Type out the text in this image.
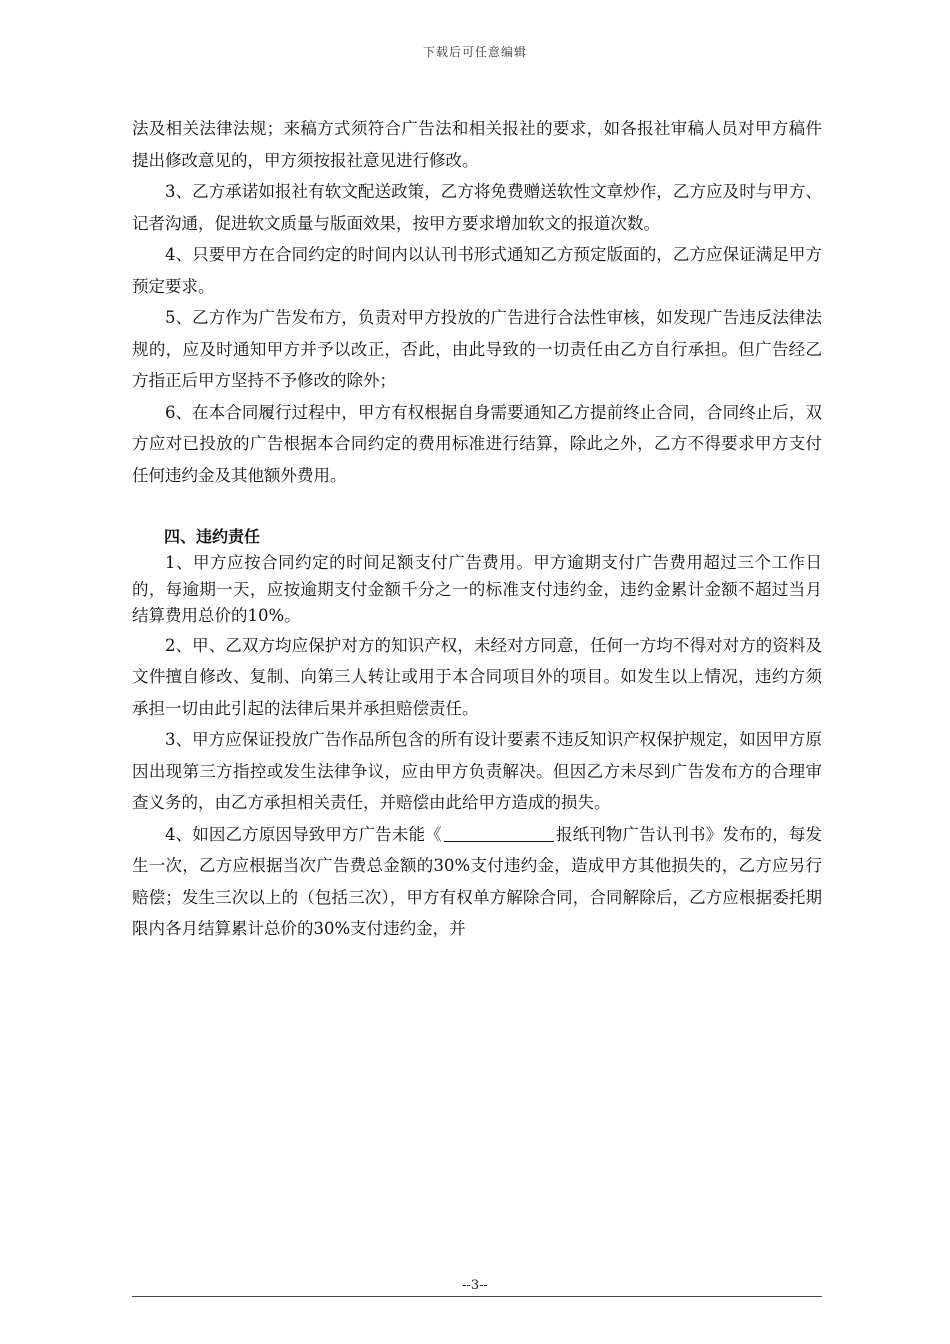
下载后可任意编辑

法及相关法律法规；来稿方式须符合广告法和相关报社的要求，如各报社审稿人员对甲方稿件提出修改意见的，甲方须按报社意见进行修改。

3、乙方承诺如报社有软文配送政策，乙方将免费赠送软性文章炒作，乙方应及时与甲方、记者沟通，促进软文质量与版面效果，按甲方要求增加软文的报道次数。

4、只要甲方在合同约定的时间内以认刊书形式通知乙方预定版面的，乙方应保证满足甲方预定要求。

5、乙方作为广告发布方，负责对甲方投放的广告进行合法性审核，如发现广告违反法律法规的，应及时通知甲方并予以改正，否此，由此导致的一切责任由乙方自行承担。但广告经乙方指正后甲方坚持不予修改的除外；

6、在本合同履行过程中，甲方有权根据自身需要通知乙方提前终止合同，合同终止后，双方应对已投放的广告根据本合同约定的费用标准进行结算，除此之外，乙方不得要求甲方支付任何违约金及其他额外费用。

四、违约责任

1、甲方应按合同约定的时间足额支付广告费用。甲方逾期支付广告费用超过三个工作日的，每逾期一天，应按逾期支付金额千分之一的标准支付违约金，违约金累计金额不超过当月结算费用总价的10%。

2、甲、乙双方均应保护对方的知识产权，未经对方同意，任何一方均不得对对方的资料及文件擅自修改、复制、向第三人转让或用于本合同项目外的项目。如发生以上情况，违约方须承担一切由此引起的法律后果并承担赔偿责任。

3、甲方应保证投放广告作品所包含的所有设计要素不违反知识产权保护规定，如因甲方原因出现第三方指控或发生法律争议，应由甲方负责解决。但因乙方未尽到广告发布方的合理审查义务的，由乙方承担相关责任，并赔偿由此给甲方造成的损失。

4、如因乙方原因导致甲方广告未能《	报纸刊物广告认刊书》发布的，每发生一次，乙方应根据当次广告费总金额的30%支付违约金，造成甲方其他损失的，乙方应另行赔偿；发生三次以上的（包括三次），甲方有权单方解除合同，合同解除后，乙方应根据委托期限内各月结算累计总价的30%支付违约金，并

--3--
